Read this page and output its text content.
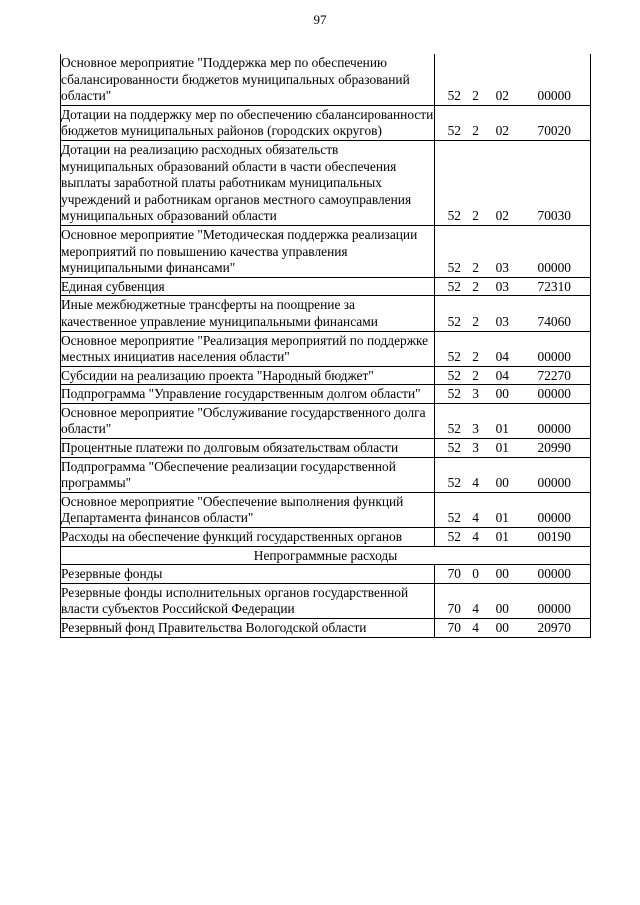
97
Основное мероприятие "Поддержка мер по обеспечению сбалансированности бюджетов муниципальных образований области"	52 2 02 00000
Дотации на поддержку мер по обеспечению сбалансированности бюджетов муниципальных районов (городских округов)	52 2 02 70020
Дотации на реализацию расходных обязательств муниципальных образований области в части обеспечения выплаты заработной платы работникам муниципальных учреждений и работникам органов местного самоуправления муниципальных образований области	52 2 02 70030
Основное мероприятие "Методическая поддержка реализации мероприятий по повышению качества управления муниципальными финансами"	52 2 03 00000
Единая субвенция	52 2 03 72310
Иные межбюджетные трансферты на поощрение за качественное управление муниципальными финансами	52 2 03 74060
Основное мероприятие "Реализация мероприятий по поддержке местных инициатив населения области"	52 2 04 00000
Субсидии на реализацию проекта "Народный бюджет"	52 2 04 72270
Подпрограмма "Управление государственным долгом области"	52 3 00 00000
Основное мероприятие "Обслуживание государственного долга области"	52 3 01 00000
Процентные платежи по долговым обязательствам области	52 3 01 20990
Подпрограмма "Обеспечение реализации государственной программы"	52 4 00 00000
Основное мероприятие "Обеспечение выполнения функций Департамента финансов области"	52 4 01 00000
Расходы на обеспечение функций государственных органов	52 4 01 00190
Непрограммные расходы	
Резервные фонды	70 0 00 00000
Резервные фонды исполнительных органов государственной власти субъектов Российской Федерации	70 4 00 00000
Резервный фонд Правительства Вологодской области	70 4 00 20970
